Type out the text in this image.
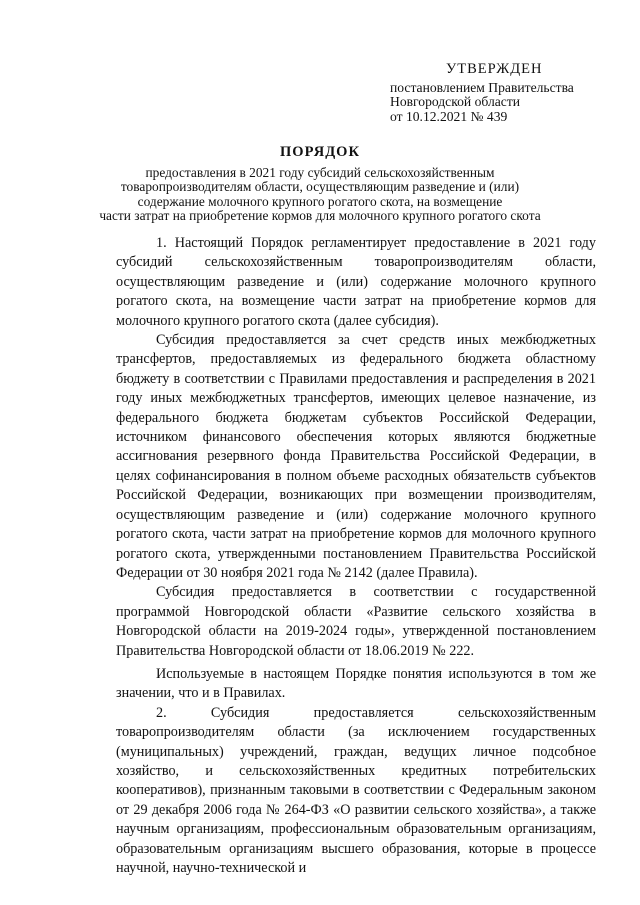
УТВЕРЖДЕН
постановлением Правительства
Новгородской области
от 10.12.2021 № 439
ПОРЯДОК
предоставления в 2021 году субсидий сельскохозяйственным
товаропроизводителям области, осуществляющим разведение и (или)
содержание молочного крупного рогатого скота, на возмещение
части затрат на приобретение кормов для молочного крупного рогатого скота

1. Настоящий Порядок регламентирует предоставление в 2021 году субсидий сельскохозяйственным товаропроизводителям области, осуществляющим разведение и (или) содержание молочного крупного рогатого скота, на возмещение части затрат на приобретение кормов для молочного крупного рогатого скота (далее субсидия).

Субсидия предоставляется за счет средств иных межбюджетных трансфертов, предоставляемых из федерального бюджета областному бюджету в соответствии с Правилами предоставления и распределения в 2021 году иных межбюджетных трансфертов, имеющих целевое назначение, из федерального бюджета бюджетам субъектов Российской Федерации, источником финансового обеспечения которых являются бюджетные ассигнования резервного фонда Правительства Российской Федерации, в целях софинансирования в полном объеме расходных обязательств субъектов Российской Федерации, возникающих при возмещении производителям, осуществляющим разведение и (или) содержание молочного крупного рогатого скота, части затрат на приобретение кормов для молочного крупного рогатого скота, утвержденными постановлением Правительства Российской Федерации от 30 ноября 2021 года № 2142 (далее Правила).

Субсидия предоставляется в соответствии с государственной программой Новгородской области «Развитие сельского хозяйства в Новгородской области на 2019-2024 годы», утвержденной постановлением Правительства Новгородской области от 18.06.2019 № 222.

Используемые в настоящем Порядке понятия используются в том же значении, что и в Правилах.

2. Субсидия предоставляется сельскохозяйственным товаропроизводителям области (за исключением государственных (муниципальных) учреждений, граждан, ведущих личное подсобное хозяйство, и сельскохозяйственных кредитных потребительских кооперативов), признанным таковыми в соответствии с Федеральным законом от 29 декабря 2006 года № 264-ФЗ «О развитии сельского хозяйства», а также научным организациям, профессиональным образовательным организациям, образовательным организациям высшего образования, которые в процессе научной, научно-технической и
